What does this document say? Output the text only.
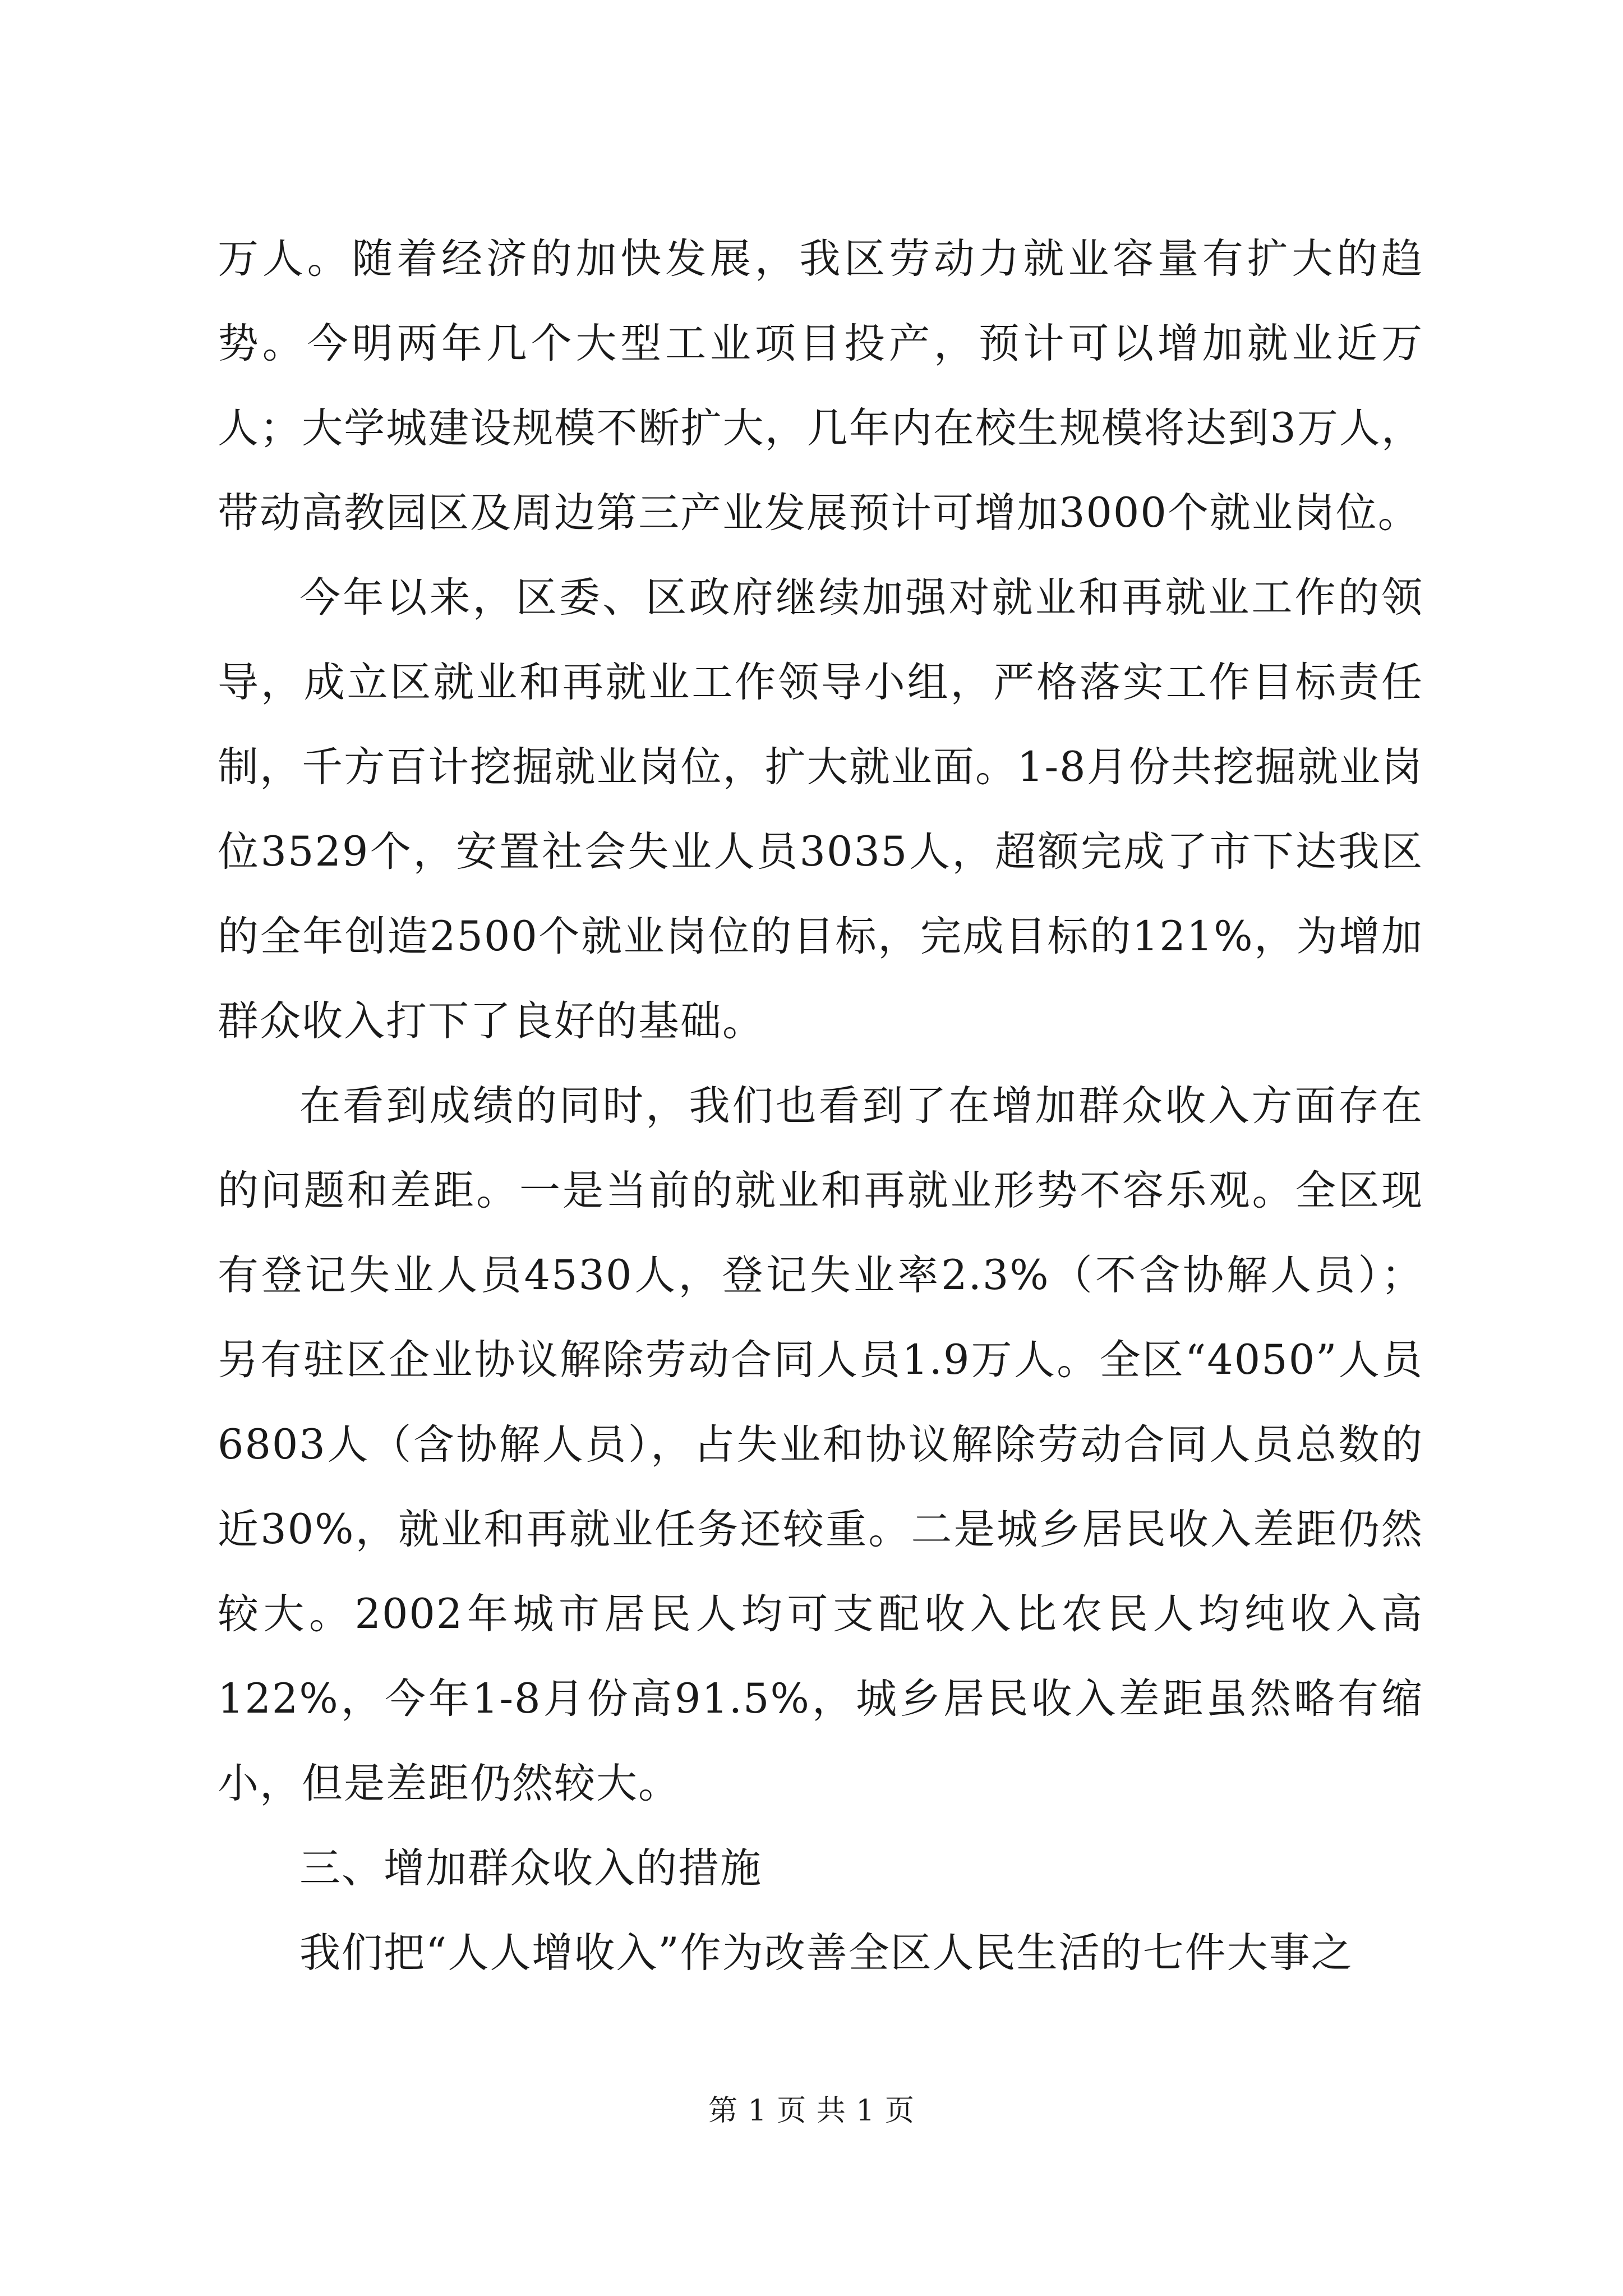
万人。随着经济的加快发展，我区劳动力就业容量有扩大的趋势。今明两年几个大型工业项目投产，预计可以增加就业近万人；大学城建设规模不断扩大，几年内在校生规模将达到3万人，带动高教园区及周边第三产业发展预计可增加3000个就业岗位。

今年以来，区委、区政府继续加强对就业和再就业工作的领导，成立区就业和再就业工作领导小组，严格落实工作目标责任制，千方百计挖掘就业岗位，扩大就业面。1-8月份共挖掘就业岗位3529个，安置社会失业人员3035人，超额完成了市下达我区的全年创造2500个就业岗位的目标，完成目标的121%，为增加群众收入打下了良好的基础。

在看到成绩的同时，我们也看到了在增加群众收入方面存在的问题和差距。一是当前的就业和再就业形势不容乐观。全区现有登记失业人员4530人，登记失业率2.3%（不含协解人员）；另有驻区企业协议解除劳动合同人员1.9万人。全区“4050”人员6803人（含协解人员），占失业和协议解除劳动合同人员总数的近30%，就业和再就业任务还较重。二是城乡居民收入差距仍然较大。2002年城市居民人均可支配收入比农民人均纯收入高122%，今年1-8月份高91.5%，城乡居民收入差距虽然略有缩小，但是差距仍然较大。

三、增加群众收入的措施

我们把“人人增收入”作为改善全区人民生活的七件大事之

第 1 页 共 1 页
